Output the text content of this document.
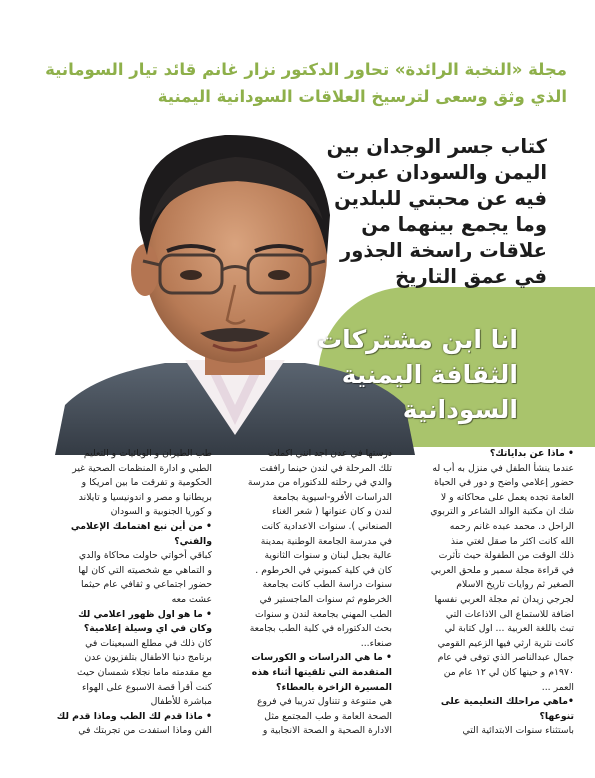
مجلة «النخبة الرائدة» تحاور الدكتور نزار غانم قائد تيار السومانية
الذي وثق وسعى لترسيخ العلاقات السودانية اليمنية
كتاب جسر الوجدان بين
اليمن والسودان عبرت
فيه عن محبتي للبلدين
وما يجمع بينهما من
علاقات راسخة الجذور
في عمق التاريخ
انا ابن مشتركات
الثقافة اليمنية
السودانية
• ماذا عن بداياتك؟
عندما ينشأ الطفل في منزل به أب له
حضور إعلامي واضح و دور في الحياة
العامة تجده يعمل على محاكاته و لا
شك ان مكتبة الوالد الشاعر و التربوي
الراحل د. محمد عبده غانم رحمه
الله كانت اكثر ما صقل لغتي منذ
ذلك الوقت من الطفولة حيث تأثرت
في قراءة مجلة سمير و ملحق العربي
الصغير ثم روايات تاريخ الاسلام
لجرجي زيدان ثم مجلة العربي نفسها
اضافة للاستماع الى الاذاعات التي
تبث باللغة العربية ... اول كتابة لي
كانت نثرية ارثي فيها الزعيم القومي
جمال عبدالناصر الذي توفى في عام
١٩٧٠م و حينها كان لي ١٢ عام من
العمر ...
•ماهي مراحلك التعليمية على
تنوعها؟
باستثناء سنوات الابتدائية التي
درستها في عدن اجد انني اكملت
تلك المرحلة في لندن حينما رافقت
والدي في رحلته للدكتوراه من مدرسة
الدراسات الأفرو-اسيوية بجامعة
لندن و كان عنوانها ( شعر الغناء
الصنعاني ). سنوات الاعدادية كانت
في مدرسة الجامعة الوطنية بمدينة
عالية بجبل لبنان و سنوات الثانوية
كان في كلية كمبوني في الخرطوم .
سنوات دراسة الطب كانت بجامعة
الخرطوم ثم سنوات الماجستير في
الطب المهني بجامعة لندن و سنوات
بحث الدكتوراه في كلية الطب بجامعة
صنعاء...
• ما هي الدراسات و الكورسات
المتقدمة التي تلقيتها أثناء هذه
المسيرة الزاخرة بالعطاء؟
هي متنوعة و تتناول تدريبا في فروع
الصحة العامة و طب المجتمع مثل
الادارة الصحية و الصحة الانجابية و
طب الطيران و الوبائيات و التعليم
الطبي و ادارة المنظمات الصحية غير
الحكومية و تفرقت ما بين امريكا و
بريطانيا و مصر و اندونيسيا و تايلاند
و كوريا الجنوبية و السودان
• من أين نبع اهتمامك الإعلامي
والفني؟
كباقي أخواتي حاولت محاكاة والدي
و التماهي مع شخصيته التي كان لها
حضور اجتماعي و ثقافي عام حيثما
عشت معه
• ما هو اول ظهور اعلامي لك
وكان في اي وسيلة إعلامية؟
كان ذلك في مطلع السبعينات في
برنامج دنيا الاطفال بتلفزيون عدن
مع مقدمته ماما نجلاء شمسان حيث
كنت أقرأ قصة الاسبوع على الهواء
مباشرة للأطفال
• ماذا قدم لك الطب وماذا قدم لك
الفن وماذا استفدت من تجربتك في
